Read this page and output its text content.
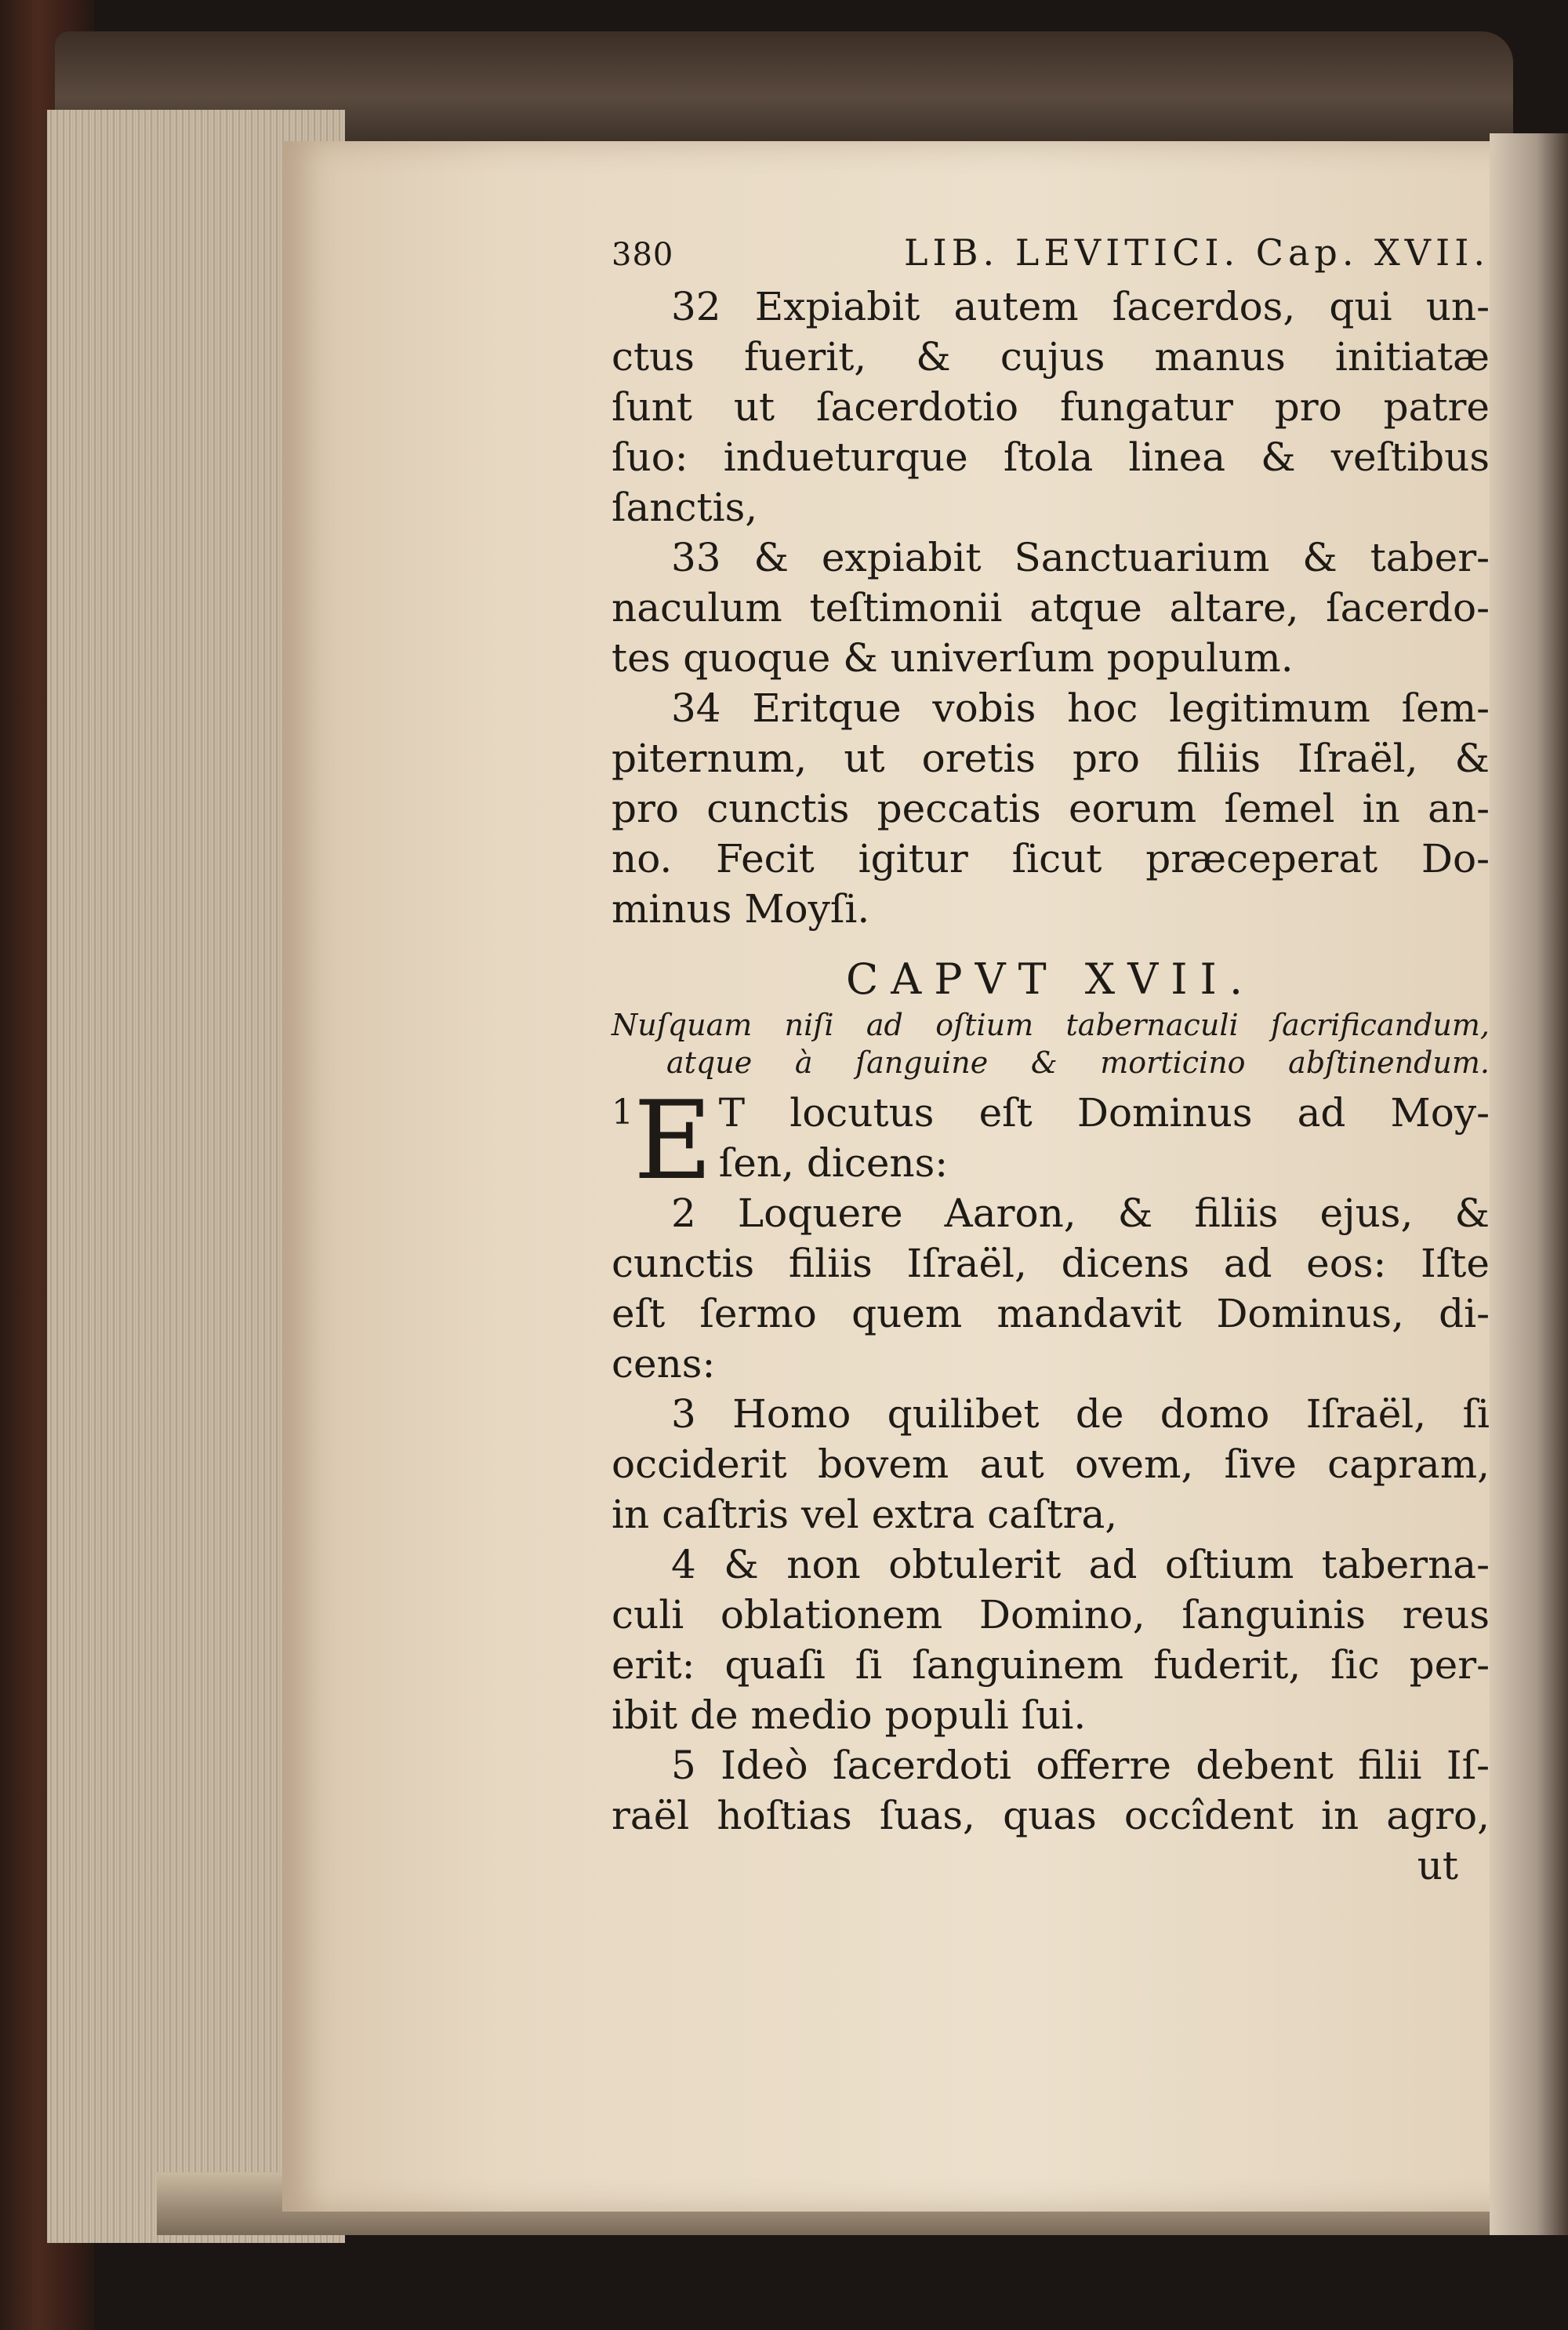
380	LIB. LEVITICI. Cap. XVII.
32 Expiabit autem ſacerdos, qui un-
ctus fuerit, & cujus manus initiatæ
ſunt ut ſacerdotio fungatur pro patre
ſuo: indueturque ſtola linea & veſtibus
ſanctis,
33 & expiabit Sanctuarium & taber-
naculum teſtimonii atque altare, ſacerdo-
tes quoque & univerſum populum.
34 Eritque vobis hoc legitimum ſem-
piternum, ut oretis pro filiis Iſraël, &
pro cunctis peccatis eorum ſemel in an-
no. Fecit igitur ſicut præceperat Do-
minus Moyſi.
CAPVT XVII.
Nuſquam niſi ad oſtium tabernaculi ſacrificandum,
atque à ſanguine & morticino abſtinendum.
1 E T locutus eſt Dominus ad Moy-
ſen, dicens:
2 Loquere Aaron, & filiis ejus, &
cunctis filiis Iſraël, dicens ad eos: Iſte
eſt ſermo quem mandavit Dominus, di-
cens:
3 Homo quilibet de domo Iſraël, ſi
occiderit bovem aut ovem, ſive capram,
in caſtris vel extra caſtra,
4 & non obtulerit ad oſtium taberna-
culi oblationem Domino, ſanguinis reus
erit: quaſi ſi ſanguinem fuderit, ſic per-
ibit de medio populi ſui.
5 Ideò ſacerdoti offerre debent filii Iſ-
raël hoſtias ſuas, quas occîdent in agro,
ut
